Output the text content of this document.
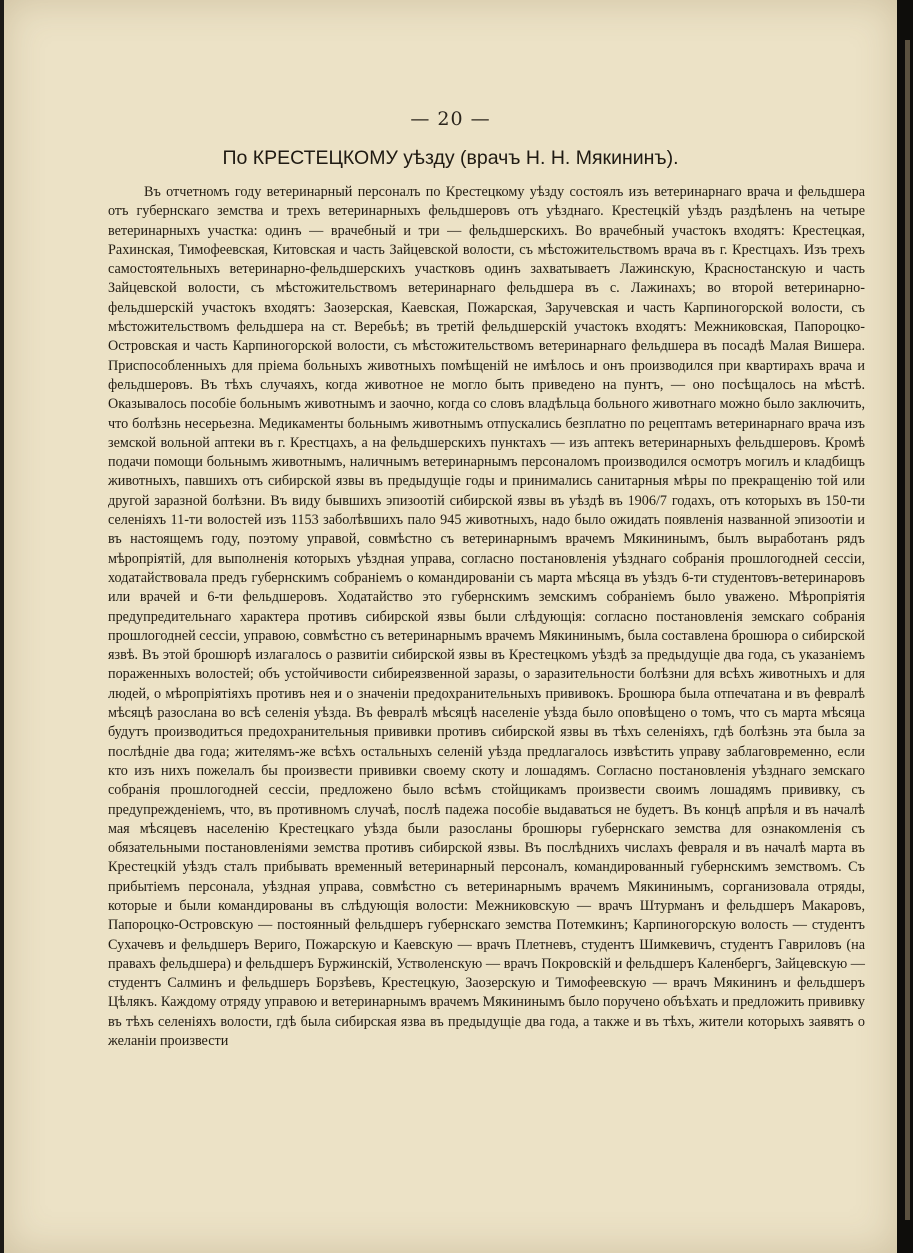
— 20 —
По КРЕСТЕЦКОМУ уѣзду (врачъ Н. Н. Мякининъ).

Въ отчетномъ году ветеринарный персоналъ по Крестецкому уѣзду состоялъ изъ ветеринарнаго врача и фельдшера отъ губернскаго земства и трехъ ветеринарныхъ фельдшеровъ отъ уѣзднаго. Крестецкій уѣздъ раздѣленъ на четыре ветеринарныхъ участка: одинъ — врачебный и три — фельдшерскихъ. Во врачебный участокъ входятъ: Крестецкая, Рахинская, Тимофеевская, Китовская и часть Зайцевской волости, съ мѣстожительствомъ врача въ г. Крестцахъ. Изъ трехъ самостоятельныхъ ветеринарно-фельдшерскихъ участковъ одинъ захватываетъ Лажинскую, Красностанскую и часть Зайцевской волости, съ мѣстожительствомъ ветеринарнаго фельдшера въ с. Лажинахъ; во второй ветеринарно-фельдшерскій участокъ входятъ: Заозерская, Каевская, Пожарская, Заручевская и часть Карпиногорской волости, съ мѣстожительствомъ фельдшера на ст. Веребьѣ; въ третій фельдшерскій участокъ входятъ: Межниковская, Папороцко-Островская и часть Карпиногорской волости, съ мѣстожительствомъ ветеринарнаго фельдшера въ посадѣ Малая Вишера. Приспособленныхъ для пріема больныхъ животныхъ помѣщеній не имѣлось и онъ производился при квартирахъ врача и фельдшеровъ. Въ тѣхъ случаяхъ, когда животное не могло быть приведено на пунтъ, — оно посѣщалось на мѣстѣ. Оказывалось пособіе больнымъ животнымъ и заочно, когда со словъ владѣльца больного животнаго можно было заключить, что болѣзнь несерьезна. Медикаменты больнымъ животнымъ отпускались безплатно по рецептамъ ветеринарнаго врача изъ земской вольной аптеки въ г. Крестцахъ, а на фельдшерскихъ пунктахъ — изъ аптекъ ветеринарныхъ фельдшеровъ. Кромѣ подачи помощи больнымъ животнымъ, наличнымъ ветеринарнымъ персоналомъ производился осмотръ могилъ и кладбищъ животныхъ, павшихъ отъ сибирской язвы въ предыдущіе годы и принимались санитарныя мѣры по прекращенію той или другой заразной болѣзни. Въ виду бывшихъ эпизоотій сибирской язвы въ уѣздѣ въ 1906/7 годахъ, отъ которыхъ въ 150-ти селеніяхъ 11-ти волостей изъ 1153 заболѣвшихъ пало 945 животныхъ, надо было ожидать появленія названной эпизоотіи и въ настоящемъ году, поэтому управой, совмѣстно съ ветеринарнымъ врачемъ Мякининымъ, былъ выработанъ рядъ мѣропріятій, для выполненія которыхъ уѣздная управа, согласно постановленія уѣзднаго собранія прошлогодней сессіи, ходатайствовала предъ губернскимъ собраніемъ о командированіи съ марта мѣсяца въ уѣздъ 6-ти студентовъ-ветеринаровъ или врачей и 6-ти фельдшеровъ. Ходатайство это губернскимъ земскимъ собраніемъ было уважено. Мѣропріятія предупредительнаго характера противъ сибирской язвы были слѣдующія: согласно постановленія земскаго собранія прошлогодней сессіи, управою, совмѣстно съ ветеринарнымъ врачемъ Мякининымъ, была составлена брошюра о сибирской язвѣ. Въ этой брошюрѣ излагалось о развитіи сибирской язвы въ Крестецкомъ уѣздѣ за предыдущіе два года, съ указаніемъ пораженныхъ волостей; объ устойчивости сибиреязвенной заразы, о заразительности болѣзни для всѣхъ животныхъ и для людей, о мѣропріятіяхъ противъ нея и о значеніи предохранительныхъ прививокъ. Брошюра была отпечатана и въ февралѣ мѣсяцѣ разослана во всѣ селенія уѣзда. Въ февралѣ мѣсяцѣ населеніе уѣзда было оповѣщено о томъ, что съ марта мѣсяца будутъ производиться предохранительныя прививки противъ сибирской язвы въ тѣхъ селеніяхъ, гдѣ болѣзнь эта была за послѣдніе два года; жителямъ-же всѣхъ остальныхъ селеній уѣзда предлагалось извѣстить управу заблаговременно, если кто изъ нихъ пожелалъ бы произвести прививки своему скоту и лошадямъ. Согласно постановленія уѣзднаго земскаго собранія прошлогодней сессіи, предложено было всѣмъ стойщикамъ произвести своимъ лошадямъ прививку, съ предупрежденіемъ, что, въ противномъ случаѣ, послѣ падежа пособіе выдаваться не будетъ. Въ концѣ апрѣля и въ началѣ мая мѣсяцевъ населенію Крестецкаго уѣзда были разосланы брошюры губернскаго земства для ознакомленія съ обязательными постановленіями земства противъ сибирской язвы. Въ послѣднихъ числахъ февраля и въ началѣ марта въ Крестецкій уѣздъ сталъ прибывать временный ветеринарный персоналъ, командированный губернскимъ земствомъ. Съ прибытіемъ персонала, уѣздная управа, совмѣстно съ ветеринарнымъ врачемъ Мякининымъ, сорганизовала отряды, которые и были командированы въ слѣдующія волости: Межниковскую — врачъ Штурманъ и фельдшеръ Макаровъ, Папороцко-Островскую — постоянный фельдшеръ губернскаго земства Потемкинъ; Карпиногорскую волость — студентъ Сухачевъ и фельдшеръ Вериго, Пожарскую и Каевскую — врачъ Плетневъ, студентъ Шимкевичъ, студентъ Гавриловъ (на правахъ фельдшера) и фельдшеръ Буржинскій, Устволенскую — врачъ Покровскій и фельдшеръ Каленбергъ, Зайцевскую — студентъ Салминъ и фельдшеръ Борзѣевъ, Крестецкую, Заозерскую и Тимофеевскую — врачъ Мякининъ и фельдшеръ Цѣлякъ. Каждому отряду управою и ветеринарнымъ врачемъ Мякининымъ было поручено объѣхать и предложить прививку въ тѣхъ селеніяхъ волости, гдѣ была сибирская язва въ предыдущіе два года, а также и въ тѣхъ, жители которыхъ заявятъ о желаніи произвести
